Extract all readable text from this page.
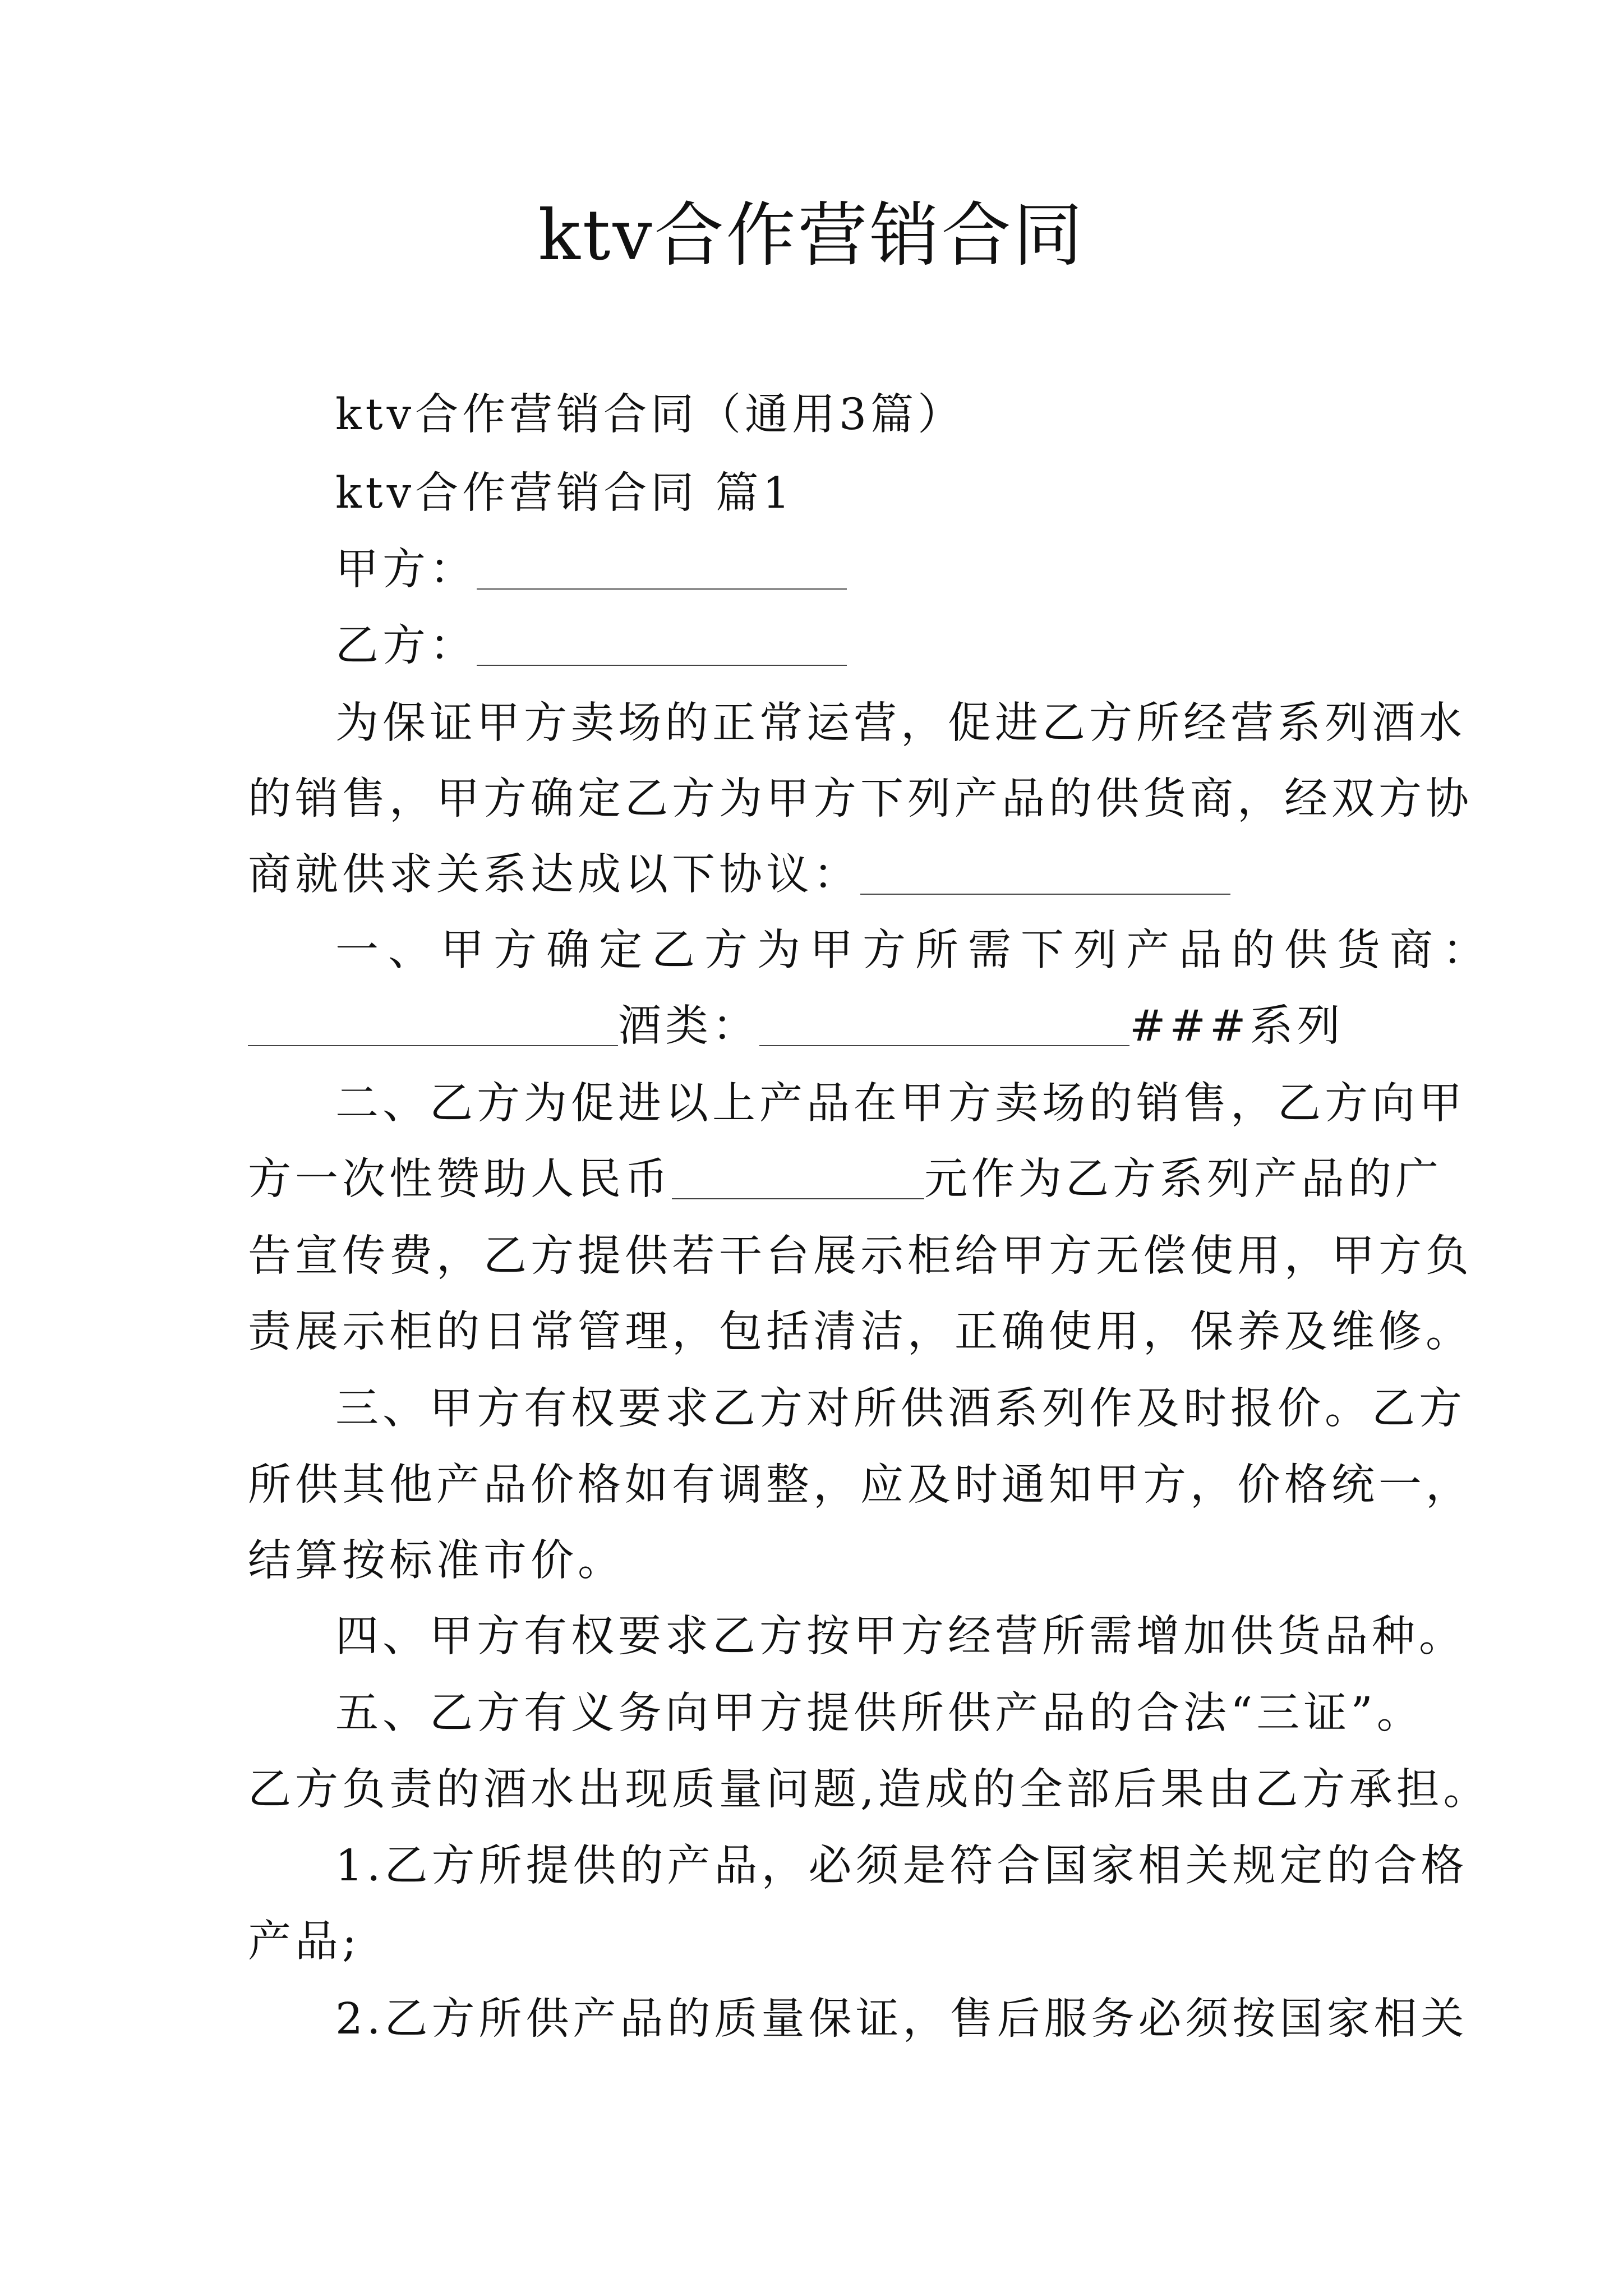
ktv合作营销合同
ktv合作营销合同（通用3篇）
ktv合作营销合同 篇1
甲方：
乙方：
为保证甲方卖场的正常运营，促进乙方所经营系列酒水
的销售，甲方确定乙方为甲方下列产品的供货商，经双方协
商就供求关系达成以下协议：
一、甲方确定乙方为甲方所需下列产品的供货商：
酒类：	###系列
二、乙方为促进以上产品在甲方卖场的销售，乙方向甲
方一次性赞助人民币	元作为乙方系列产品的广
告宣传费，乙方提供若干台展示柜给甲方无偿使用，甲方负
责展示柜的日常管理，包括清洁，正确使用，保养及维修。
三、甲方有权要求乙方对所供酒系列作及时报价。乙方
所供其他产品价格如有调整，应及时通知甲方，价格统一，
结算按标准市价。
四、甲方有权要求乙方按甲方经营所需增加供货品种。
五、乙方有义务向甲方提供所供产品的合法“三证”。
乙方负责的酒水出现质量问题,造成的全部后果由乙方承担。
1.乙方所提供的产品，必须是符合国家相关规定的合格
产品;
2.乙方所供产品的质量保证，售后服务必须按国家相关
